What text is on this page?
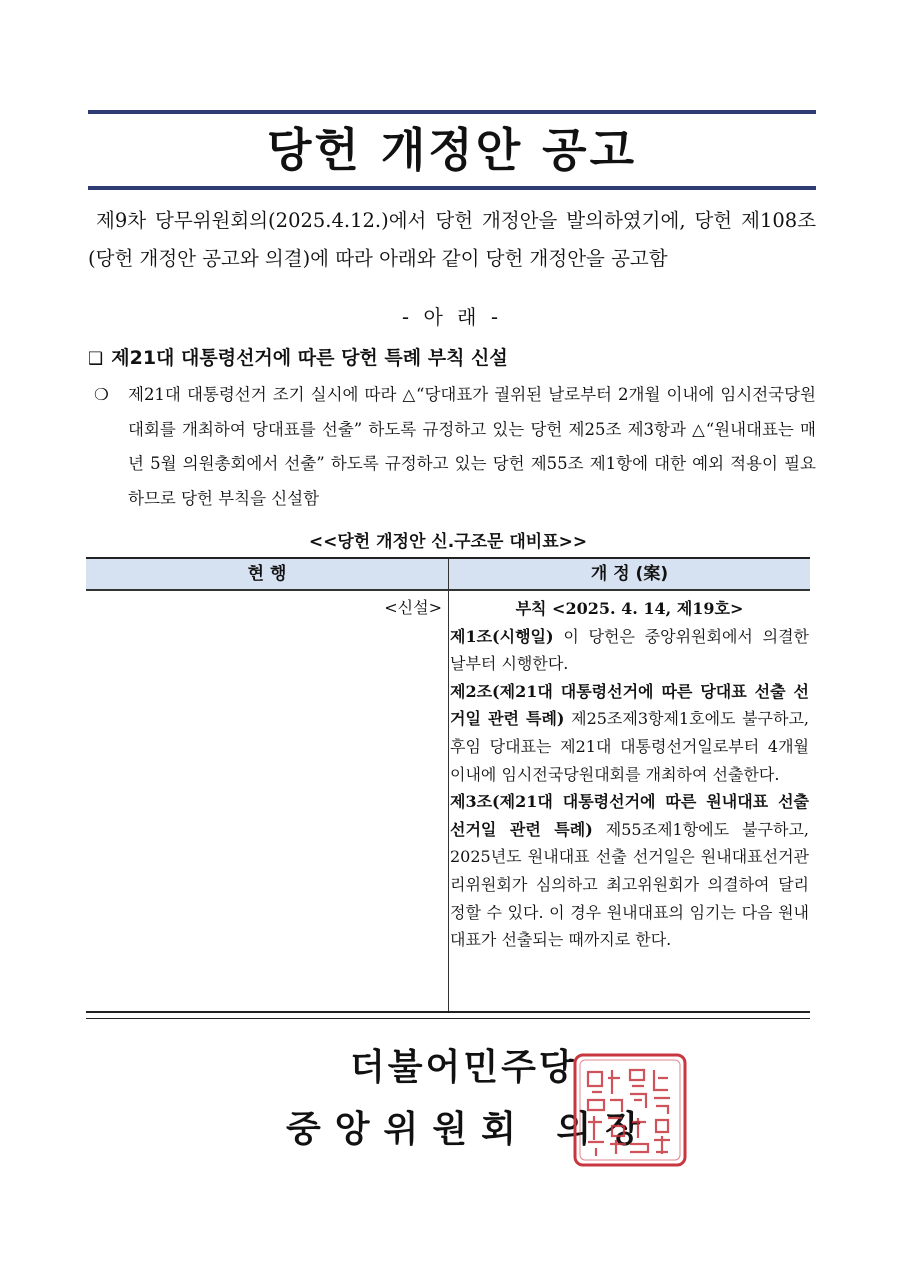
당헌 개정안 공고
제9차 당무위원회의(2025.4.12.)에서 당헌 개정안을 발의하였기에, 당헌 제108조(당헌 개정안 공고와 의결)에 따라 아래와 같이 당헌 개정안을 공고함
- 아 래 -
❑ 제21대 대통령선거에 따른 당헌 특례 부칙 신설
❍	제21대 대통령선거 조기 실시에 따라 △“당대표가 궐위된 날로부터 2개월 이내에 임시전국당원대회를 개최하여 당대표를 선출” 하도록 규정하고 있는 당헌 제25조 제3항과 △“원내대표는 매년 5월 의원총회에서 선출” 하도록 규정하고 있는 당헌 제55조 제1항에 대한 예외 적용이 필요하므로 당헌 부칙을 신설함
<<당헌 개정안 신.구조문 대비표>>
현 행	개 정 (案)
<신설>	부칙 <2025. 4. 14, 제19호>

제1조(시행일) 이 당헌은 중앙위원회에서 의결한 날부터 시행한다.

제2조(제21대 대통령선거에 따른 당대표 선출 선거일 관련 특례) 제25조제3항제1호에도 불구하고, 후임 당대표는 제21대 대통령선거일로부터 4개월 이내에 임시전국당원대회를 개최하여 선출한다.

제3조(제21대 대통령선거에 따른 원내대표 선출 선거일 관련 특례) 제55조제1항에도 불구하고, 2025년도 원내대표 선출 선거일은 원내대표선거관리위원회가 심의하고 최고위원회가 의결하여 달리 정할 수 있다. 이 경우 원내대표의 임기는 다음 원내대표가 선출되는 때까지로 한다.

더불어민주당
중앙위원회 의장
